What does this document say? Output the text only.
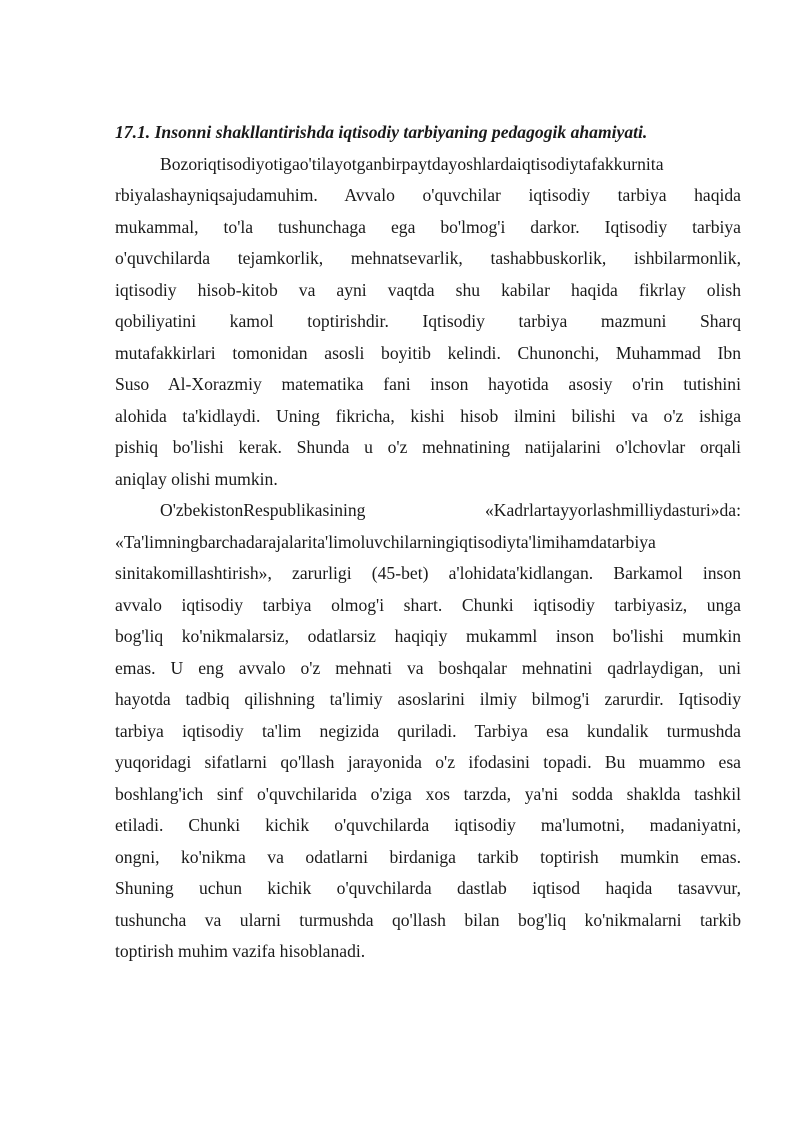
17.1. Insonni shakllantirishda iqtisodiy tarbiyaning pedagogik ahamiyati.

Bozoriqtisodiyotigao'tilayotganbirpaytdayoshlardaiqtisodiytafakkurnita
rbiyalashayniqsajudamuhim. Avvalo o'quvchilar iqtisodiy tarbiya haqida
mukammal, to'la tushunchaga ega bo'lmog'i darkor. Iqtisodiy tarbiya
o'quvchilarda tejamkorlik, mehnatsevarlik, tashabbuskorlik, ishbilarmonlik,
iqtisodiy hisob-kitob va ayni vaqtda shu kabilar haqida fikrlay olish
qobiliyatini kamol toptirishdir. Iqtisodiy tarbiya mazmuni Sharq
mutafakkirlari tomonidan asosli boyitib kelindi. Chunonchi, Muhammad Ibn
Suso Al-Xorazmiy matematika fani inson hayotida asosiy o'rin tutishini
alohida ta'kidlaydi. Uning fikricha, kishi hisob ilmini bilishi va o'z ishiga
pishiq bo'lishi kerak. Shunda u o'z mehnatining natijalarini o'lchovlar orqali
aniqlay olishi mumkin.
O'zbekistonRespublikasining «Kadrlartayyorlashmilliydasturi»da:
«Ta'limningbarchadarajalarita'limoluvchilarningiqtisodiyta'limihamdatarbiya
sinitakomillashtirish», zarurligi (45-bet) a'lohidata'kidlangan. Barkamol inson
avvalo iqtisodiy tarbiya olmog'i shart. Chunki iqtisodiy tarbiyasiz, unga
bog'liq ko'nikmalarsiz, odatlarsiz haqiqiy mukamml inson bo'lishi mumkin
emas. U eng avvalo o'z mehnati va boshqalar mehnatini qadrlaydigan, uni
hayotda tadbiq qilishning ta'limiy asoslarini ilmiy bilmog'i zarurdir. Iqtisodiy
tarbiya iqtisodiy ta'lim negizida quriladi. Tarbiya esa kundalik turmushda
yuqoridagi sifatlarni qo'llash jarayonida o'z ifodasini topadi. Bu muammo esa
boshlang'ich sinf o'quvchilarida o'ziga xos tarzda, ya'ni sodda shaklda tashkil
etiladi. Chunki kichik o'quvchilarda iqtisodiy ma'lumotni, madaniyatni,
ongni, ko'nikma va odatlarni birdaniga tarkib toptirish mumkin emas.
Shuning uchun kichik o'quvchilarda dastlab iqtisod haqida tasavvur,
tushuncha va ularni turmushda qo'llash bilan bog'liq ko'nikmalarni tarkib
toptirish muhim vazifa hisoblanadi.
